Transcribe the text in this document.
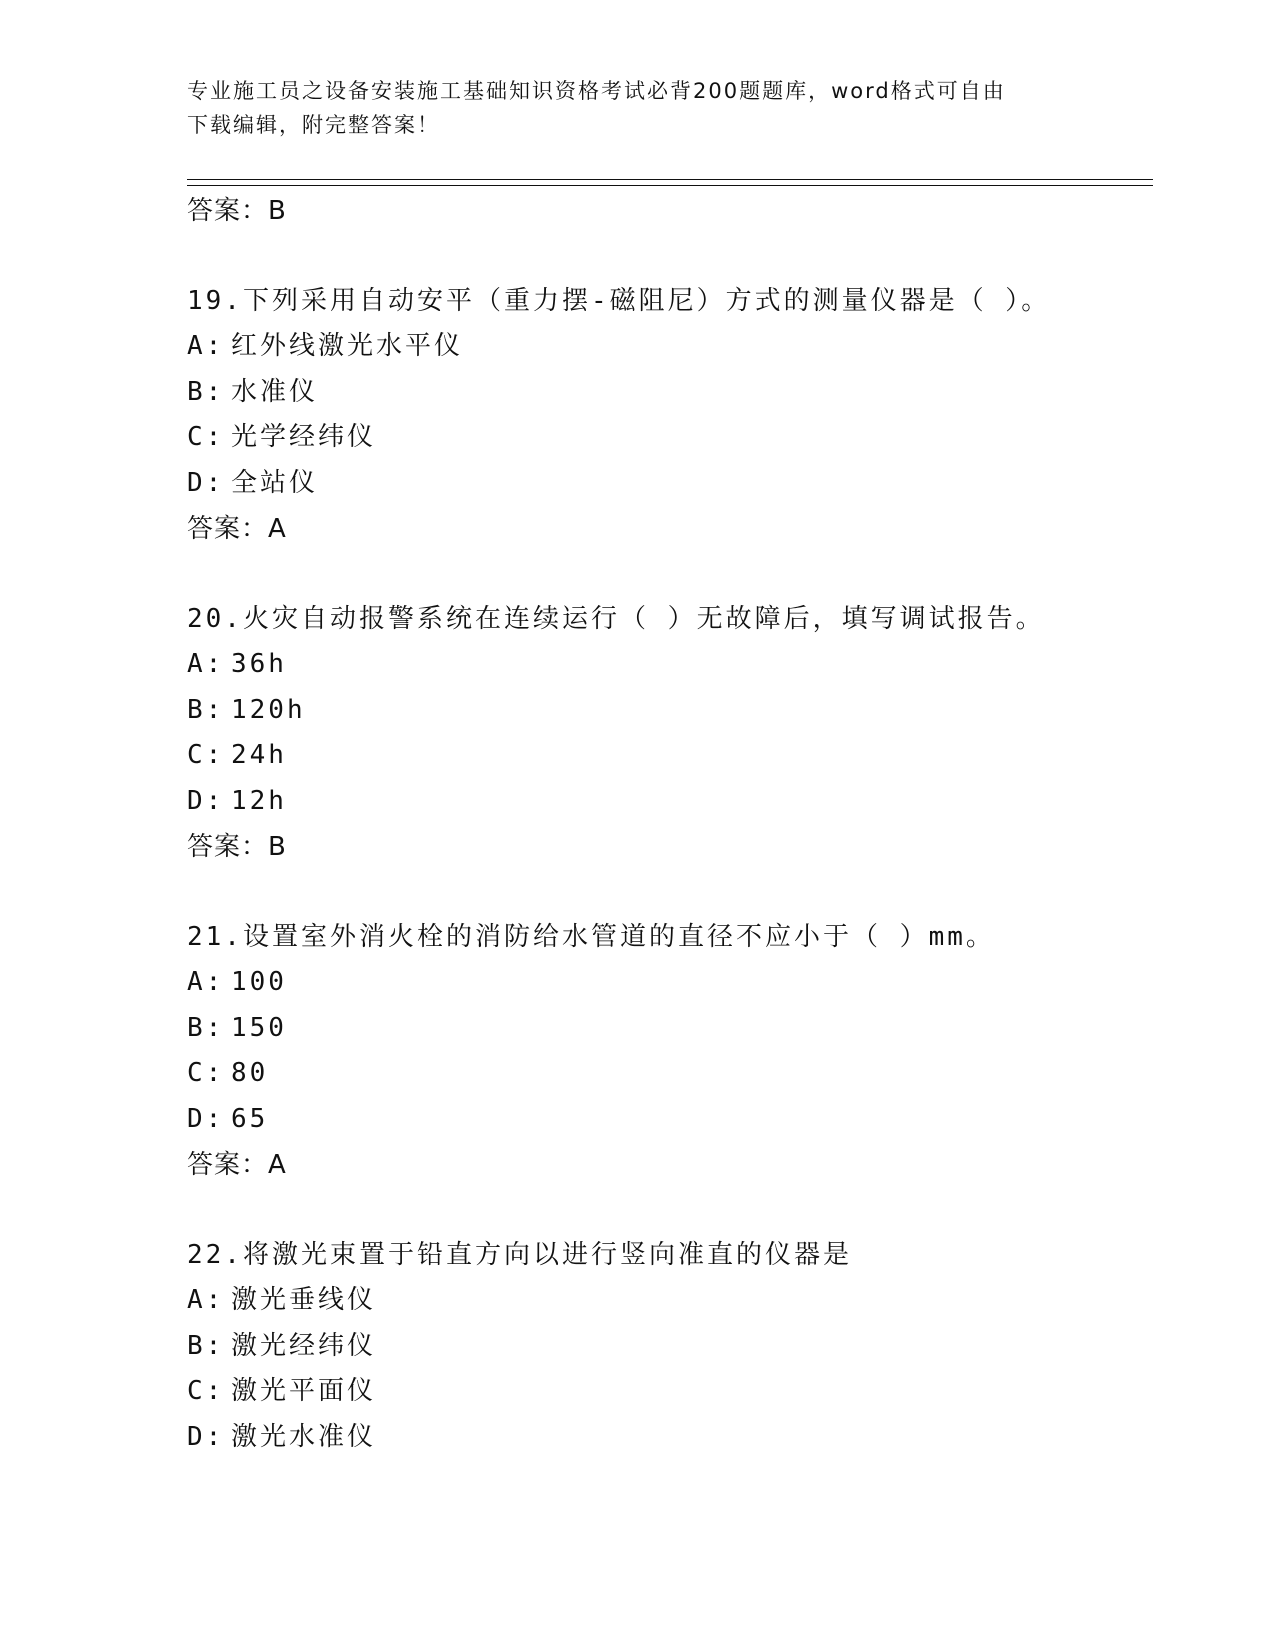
专业施工员之设备安装施工基础知识资格考试必背200题题库，word格式可自由
下载编辑，附完整答案！
答案：B
19.下列采用自动安平（重力摆-磁阻尼）方式的测量仪器是（ ）。
A: 红外线激光水平仪
B: 水准仪
C: 光学经纬仪
D: 全站仪
答案：A
20.火灾自动报警系统在连续运行（ ）无故障后，填写调试报告。
A: 36h
B: 120h
C: 24h
D: 12h
答案：B
21.设置室外消火栓的消防给水管道的直径不应小于（ ）mm。
A: 100
B: 150
C: 80
D: 65
答案：A
22.将激光束置于铅直方向以进行竖向准直的仪器是
A: 激光垂线仪
B: 激光经纬仪
C: 激光平面仪
D: 激光水准仪
